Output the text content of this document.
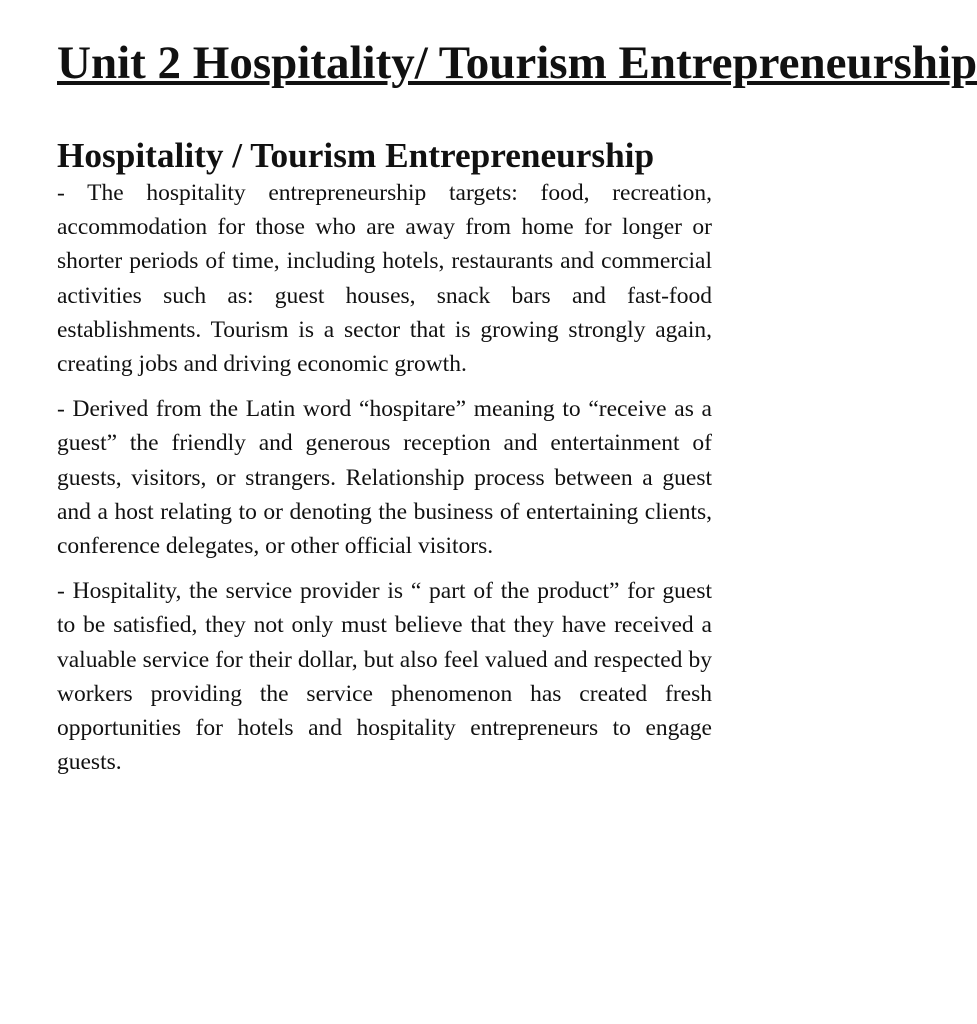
Unit 2 Hospitality/ Tourism Entrepreneurship
Hospitality / Tourism Entrepreneurship

- The hospitality entrepreneurship targets: food, recreation, accommodation for those who are away from home for longer or shorter periods of time, including hotels, restaurants and commercial activities such as: guest houses, snack bars and fast-food establishments. Tourism is a sector that is growing strongly again, creating jobs and driving economic growth.

- Derived from the Latin word “hospitare” meaning to “receive as a guest” the friendly and generous reception and entertainment of guests, visitors, or strangers. Relationship process between a guest and a host relating to or denoting the business of entertaining clients, conference delegates, or other official visitors.

- Hospitality, the service provider is “ part of the product” for guest to be satisfied, they not only must believe that they have received a valuable service for their dollar, but also feel valued and respected by workers providing the service phenomenon has created fresh opportunities for hotels and hospitality entrepreneurs to engage guests.
